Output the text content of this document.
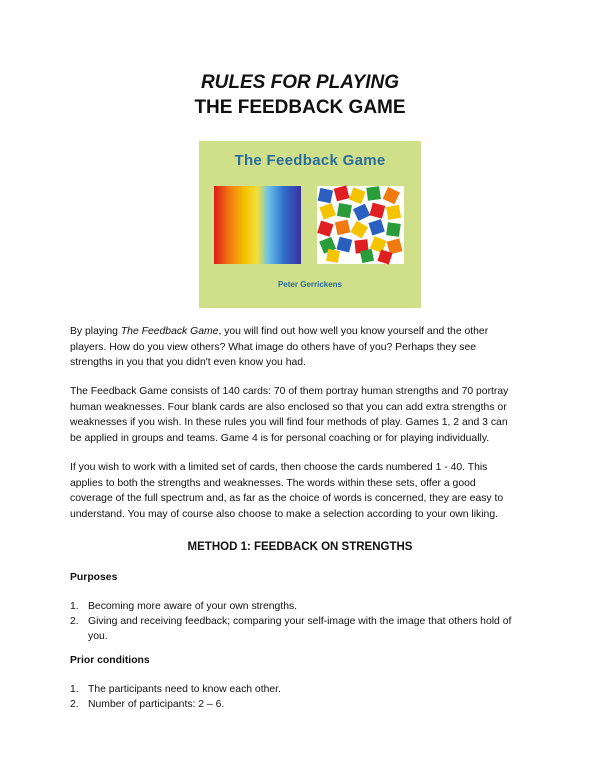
RULES FOR PLAYING
THE FEEDBACK GAME
The Feedback Game
Peter Gerrickens

By playing The Feedback Game, you will find out how well you know yourself and the other
players. How do you view others? What image do others have of you? Perhaps they see
strengths in you that you didn't even know you had.

The Feedback Game consists of 140 cards: 70 of them portray human strengths and 70 portray
human weaknesses. Four blank cards are also enclosed so that you can add extra strengths or
weaknesses if you wish. In these rules you will find four methods of play. Games 1, 2 and 3 can
be applied in groups and teams. Game 4 is for personal coaching or for playing individually.

If you wish to work with a limited set of cards, then choose the cards numbered 1 - 40. This
applies to both the strengths and weaknesses. The words within these sets, offer a good
coverage of the full spectrum and, as far as the choice of words is concerned, they are easy to
understand. You may of course also choose to make a selection according to your own liking.

METHOD 1: FEEDBACK ON STRENGTHS
Purposes
1. Becoming more aware of your own strengths.
2. Giving and receiving feedback; comparing your self-image with the image that others hold of
you.
Prior conditions
1. The participants need to know each other.
2. Number of participants: 2 – 6.
